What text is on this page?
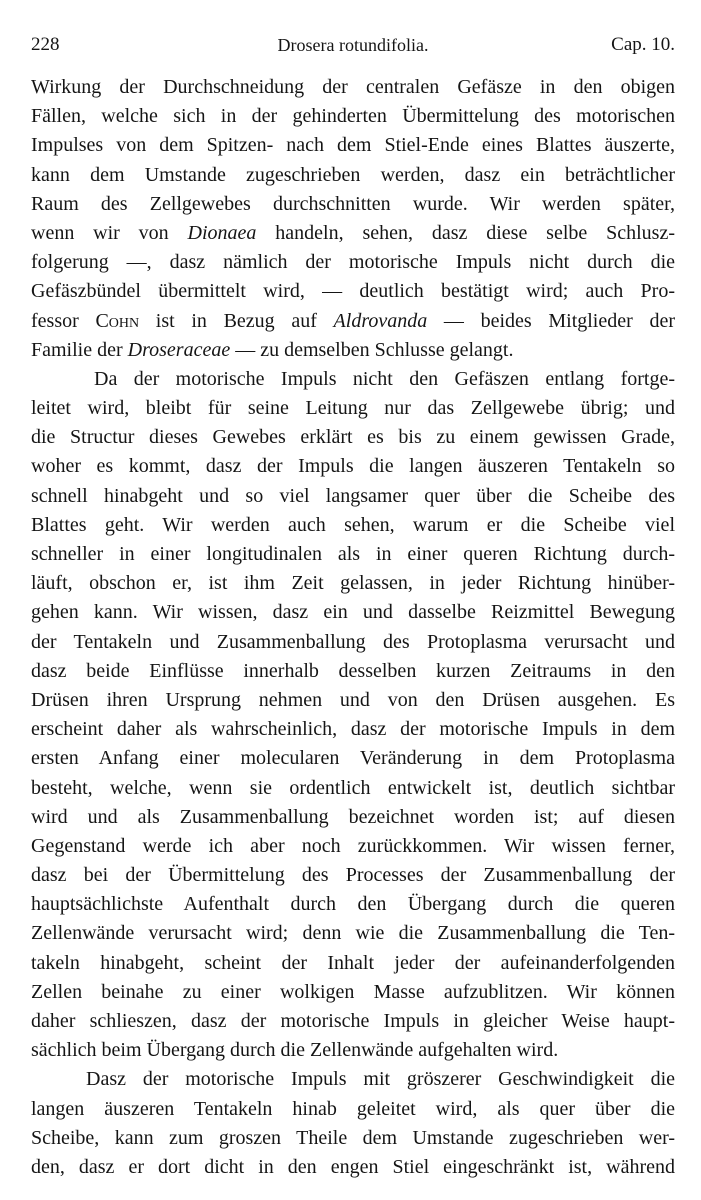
228	Drosera rotundifolia.	Cap. 10.
Wirkung der Durchschneidung der centralen Gefäsze in den obigen
Fällen, welche sich in der gehinderten Übermittelung des motorischen
Impulses von dem Spitzen- nach dem Stiel-Ende eines Blattes äuszerte,
kann dem Umstande zugeschrieben werden, dasz ein beträchtlicher
Raum des Zellgewebes durchschnitten wurde. Wir werden später,
wenn wir von Dionaea handeln, sehen, dasz diese selbe Schlusz-
folgerung —, dasz nämlich der motorische Impuls nicht durch die
Gefäszbündel übermittelt wird, — deutlich bestätigt wird; auch Pro-
fessor Cohn ist in Bezug auf Aldrovanda — beides Mitglieder der
Familie der Droseraceae — zu demselben Schlusse gelangt.
Da der motorische Impuls nicht den Gefäszen entlang fortge-
leitet wird, bleibt für seine Leitung nur das Zellgewebe übrig; und
die Structur dieses Gewebes erklärt es bis zu einem gewissen Grade,
woher es kommt, dasz der Impuls die langen äuszeren Tentakeln so
schnell hinabgeht und so viel langsamer quer über die Scheibe des
Blattes geht. Wir werden auch sehen, warum er die Scheibe viel
schneller in einer longitudinalen als in einer queren Richtung durch-
läuft, obschon er, ist ihm Zeit gelassen, in jeder Richtung hinüber-
gehen kann. Wir wissen, dasz ein und dasselbe Reizmittel Bewegung
der Tentakeln und Zusammenballung des Protoplasma verursacht und
dasz beide Einflüsse innerhalb desselben kurzen Zeitraums in den
Drüsen ihren Ursprung nehmen und von den Drüsen ausgehen. Es
erscheint daher als wahrscheinlich, dasz der motorische Impuls in dem
ersten Anfang einer molecularen Veränderung in dem Protoplasma
besteht, welche, wenn sie ordentlich entwickelt ist, deutlich sichtbar
wird und als Zusammenballung bezeichnet worden ist; auf diesen
Gegenstand werde ich aber noch zurückkommen. Wir wissen ferner,
dasz bei der Übermittelung des Processes der Zusammenballung der
hauptsächlichste Aufenthalt durch den Übergang durch die queren
Zellenwände verursacht wird; denn wie die Zusammenballung die Ten-
takeln hinabgeht, scheint der Inhalt jeder der aufeinanderfolgenden
Zellen beinahe zu einer wolkigen Masse aufzublitzen. Wir können
daher schlieszen, dasz der motorische Impuls in gleicher Weise haupt-
sächlich beim Übergang durch die Zellenwände aufgehalten wird.
Dasz der motorische Impuls mit gröszerer Geschwindigkeit die
langen äuszeren Tentakeln hinab geleitet wird, als quer über die
Scheibe, kann zum groszen Theile dem Umstande zugeschrieben wer-
den, dasz er dort dicht in den engen Stiel eingeschränkt ist, während
